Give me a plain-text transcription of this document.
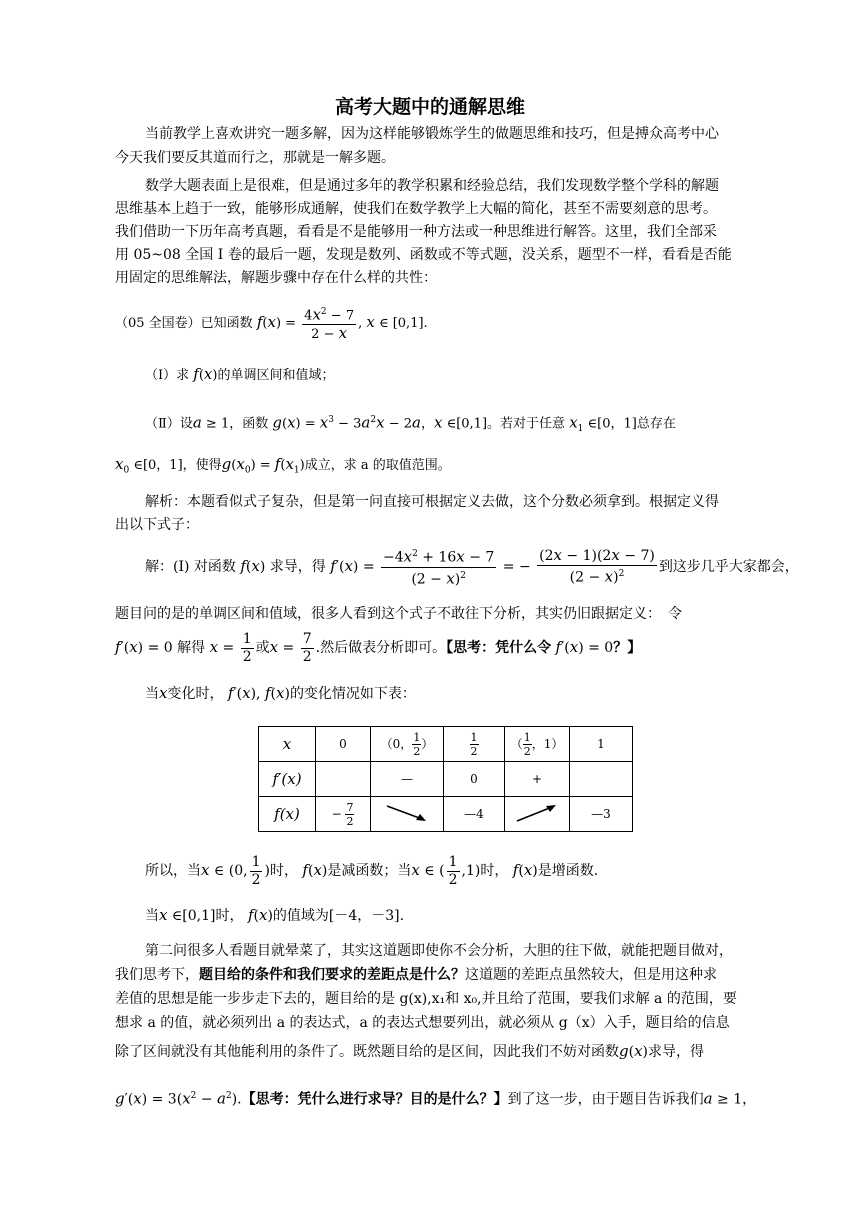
高考大题中的通解思维
当前教学上喜欢讲究一题多解，因为这样能够锻炼学生的做题思维和技巧，但是搏众高考中心
今天我们要反其道而行之，那就是一解多题。
数学大题表面上是很难，但是通过多年的教学积累和经验总结，我们发现数学整个学科的解题
思维基本上趋于一致，能够形成通解，使我们在数学教学上大幅的简化，甚至不需要刻意的思考。
我们借助一下历年高考真题，看看是不是能够用一种方法或一种思维进行解答。这里，我们全部采
用 05~08 全国 I 卷的最后一题，发现是数列、函数或不等式题，没关系，题型不一样，看看是否能
用固定的思维解法，解题步骤中存在什么样的共性：
（05 全国卷）已知函数 $f(x) = \frac{4x^2 - 7}{2 - x}$ , x ∈ [0,1].
（Ⅰ）求 f(x)的单调区间和值域；
（Ⅱ）设a ≥ 1，函数 $g(x) = x^3 - 3a^2x - 2a$，x ∈[0,1]。若对于任意 $x_1$ ∈[0，1]总存在
$x_0$ ∈[0，1]，使得$g(x_0) = f(x_1)$成立，求 a 的取值范围。
解析：本题看似式子复杂，但是第一问直接可根据定义去做，这个分数必须拿到。根据定义得
出以下式子：
解：(I) 对函数 f(x) 求导，得 $f'(x) = \frac{-4x^2 + 16x - 7}{(2 - x)^2}$ = − $\frac{(2x - 1)(2x - 7)}{(2 - x)^2}$ 到这步几乎大家都会，
题目问的是的单调区间和值域，很多人看到这个式子不敢往下分析，其实仍旧跟据定义：　令
f′(x) = 0 解得 $x = \frac{1}{2}$ 或$x = \frac{7}{2}$ .然后做表分析即可。【思考：凭什么令 f′(x) = 0？】
当x变化时， f′(x), f(x)的变化情况如下表：
x	0	（0， $\frac{1}{2}$ ）	$\frac{1}{2}$	（ $\frac{1}{2}$ ，1）	1
f′(x)		—	0	+	
f(x)	− $\frac{7}{2}$		—4		—3
所以，当x ∈ (0, $\frac{1}{2}$ )时， f(x)是减函数；当x ∈ ( $\frac{1}{2} ,1$)时， f(x)是增函数.
当x ∈[0,1]时， f(x)的值域为[－4，－3].
第二问很多人看题目就晕菜了，其实这道题即使你不会分析，大胆的往下做，就能把题目做对，
我们思考下，题目给的条件和我们要求的差距点是什么？这道题的差距点虽然较大，但是用这种求
差值的思想是能一步步走下去的，题目给的是 g(x),x₁和 x₀,并且给了范围，要我们求解 a 的范围，要
想求 a 的值，就必须列出 a 的表达式，a 的表达式想要列出，就必须从 g（x）入手，题目给的信息
除了区间就没有其他能利用的条件了。既然题目给的是区间，因此我们不妨对函数g(x)求导，得
$g'(x) = 3(x^2 - a^2)$.【思考：凭什么进行求导？目的是什么？】到了这一步，由于题目告诉我们a ≥ 1，
